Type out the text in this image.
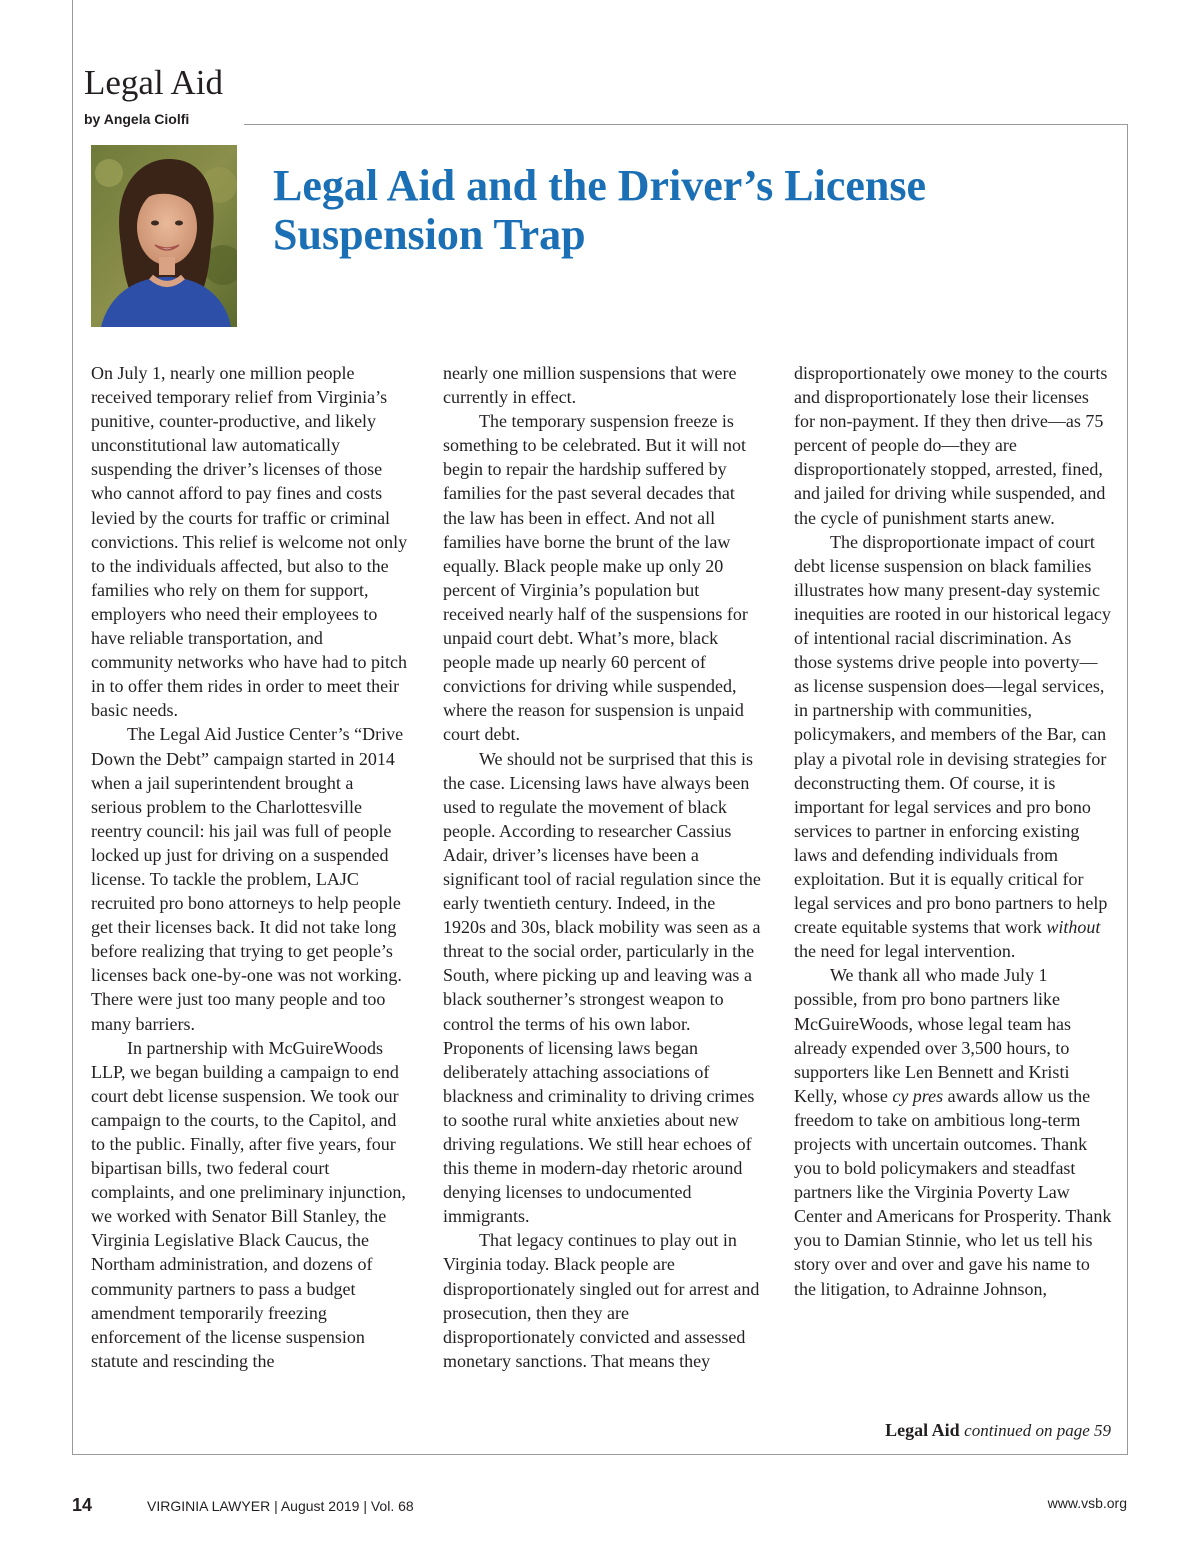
Legal Aid
by Angela Ciolfi
Legal Aid and the Driver’s License Suspension Trap

On July 1, nearly one million people received temporary relief from Virginia’s punitive, counter-productive, and likely unconstitutional law automatically suspending the driver’s licenses of those who cannot afford to pay fines and costs levied by the courts for traffic or criminal convictions. This relief is welcome not only to the individuals affected, but also to the families who rely on them for support, employers who need their employees to have reliable transportation, and community networks who have had to pitch in to offer them rides in order to meet their basic needs.

The Legal Aid Justice Center’s “Drive Down the Debt” campaign started in 2014 when a jail superintendent brought a serious problem to the Charlottesville reentry council: his jail was full of people locked up just for driving on a suspended license. To tackle the problem, LAJC recruited pro bono attorneys to help people get their licenses back. It did not take long before realizing that trying to get people’s licenses back one-by-one was not working. There were just too many people and too many barriers.

In partnership with McGuireWoods LLP, we began building a campaign to end court debt license suspension. We took our campaign to the courts, to the Capitol, and to the public. Finally, after five years, four bipartisan bills, two federal court complaints, and one preliminary injunction, we worked with Senator Bill Stanley, the Virginia Legislative Black Caucus, the Northam administration, and dozens of community partners to pass a budget amendment temporarily freezing enforcement of the license suspension statute and rescinding the

nearly one million suspensions that were currently in effect.

The temporary suspension freeze is something to be celebrated. But it will not begin to repair the hardship suffered by families for the past several decades that the law has been in effect. And not all families have borne the brunt of the law equally. Black people make up only 20 percent of Virginia’s population but received nearly half of the suspensions for unpaid court debt. What’s more, black people made up nearly 60 percent of convictions for driving while suspended, where the reason for suspension is unpaid court debt.

We should not be surprised that this is the case. Licensing laws have always been used to regulate the movement of black people. According to researcher Cassius Adair, driver’s licenses have been a significant tool of racial regulation since the early twentieth century. Indeed, in the 1920s and 30s, black mobility was seen as a threat to the social order, particularly in the South, where picking up and leaving was a black southerner’s strongest weapon to control the terms of his own labor. Proponents of licensing laws began deliberately attaching associations of blackness and criminality to driving crimes to soothe rural white anxieties about new driving regulations. We still hear echoes of this theme in modern-day rhetoric around denying licenses to undocumented immigrants.

That legacy continues to play out in Virginia today. Black people are disproportionately singled out for arrest and prosecution, then they are disproportionately convicted and assessed monetary sanctions. That means they

disproportionately owe money to the courts and disproportionately lose their licenses for non-payment. If they then drive—as 75 percent of people do—they are disproportionately stopped, arrested, fined, and jailed for driving while suspended, and the cycle of punishment starts anew.

The disproportionate impact of court debt license suspension on black families illustrates how many present-day systemic inequities are rooted in our historical legacy of intentional racial discrimination. As those systems drive people into poverty—as license suspension does—legal services, in partnership with communities, policymakers, and members of the Bar, can play a pivotal role in devising strategies for deconstructing them. Of course, it is important for legal services and pro bono services to partner in enforcing existing laws and defending individuals from exploitation. But it is equally critical for legal services and pro bono partners to help create equitable systems that work without the need for legal intervention.

We thank all who made July 1 possible, from pro bono partners like McGuireWoods, whose legal team has already expended over 3,500 hours, to supporters like Len Bennett and Kristi Kelly, whose cy pres awards allow us the freedom to take on ambitious long-term projects with uncertain outcomes. Thank you to bold policymakers and steadfast partners like the Virginia Poverty Law Center and Americans for Prosperity. Thank you to Damian Stinnie, who let us tell his story over and over and gave his name to the litigation, to Adrainne Johnson,

Legal Aid continued on page 59
14	VIRGINIA LAWYER | August 2019 | Vol. 68	www.vsb.org
